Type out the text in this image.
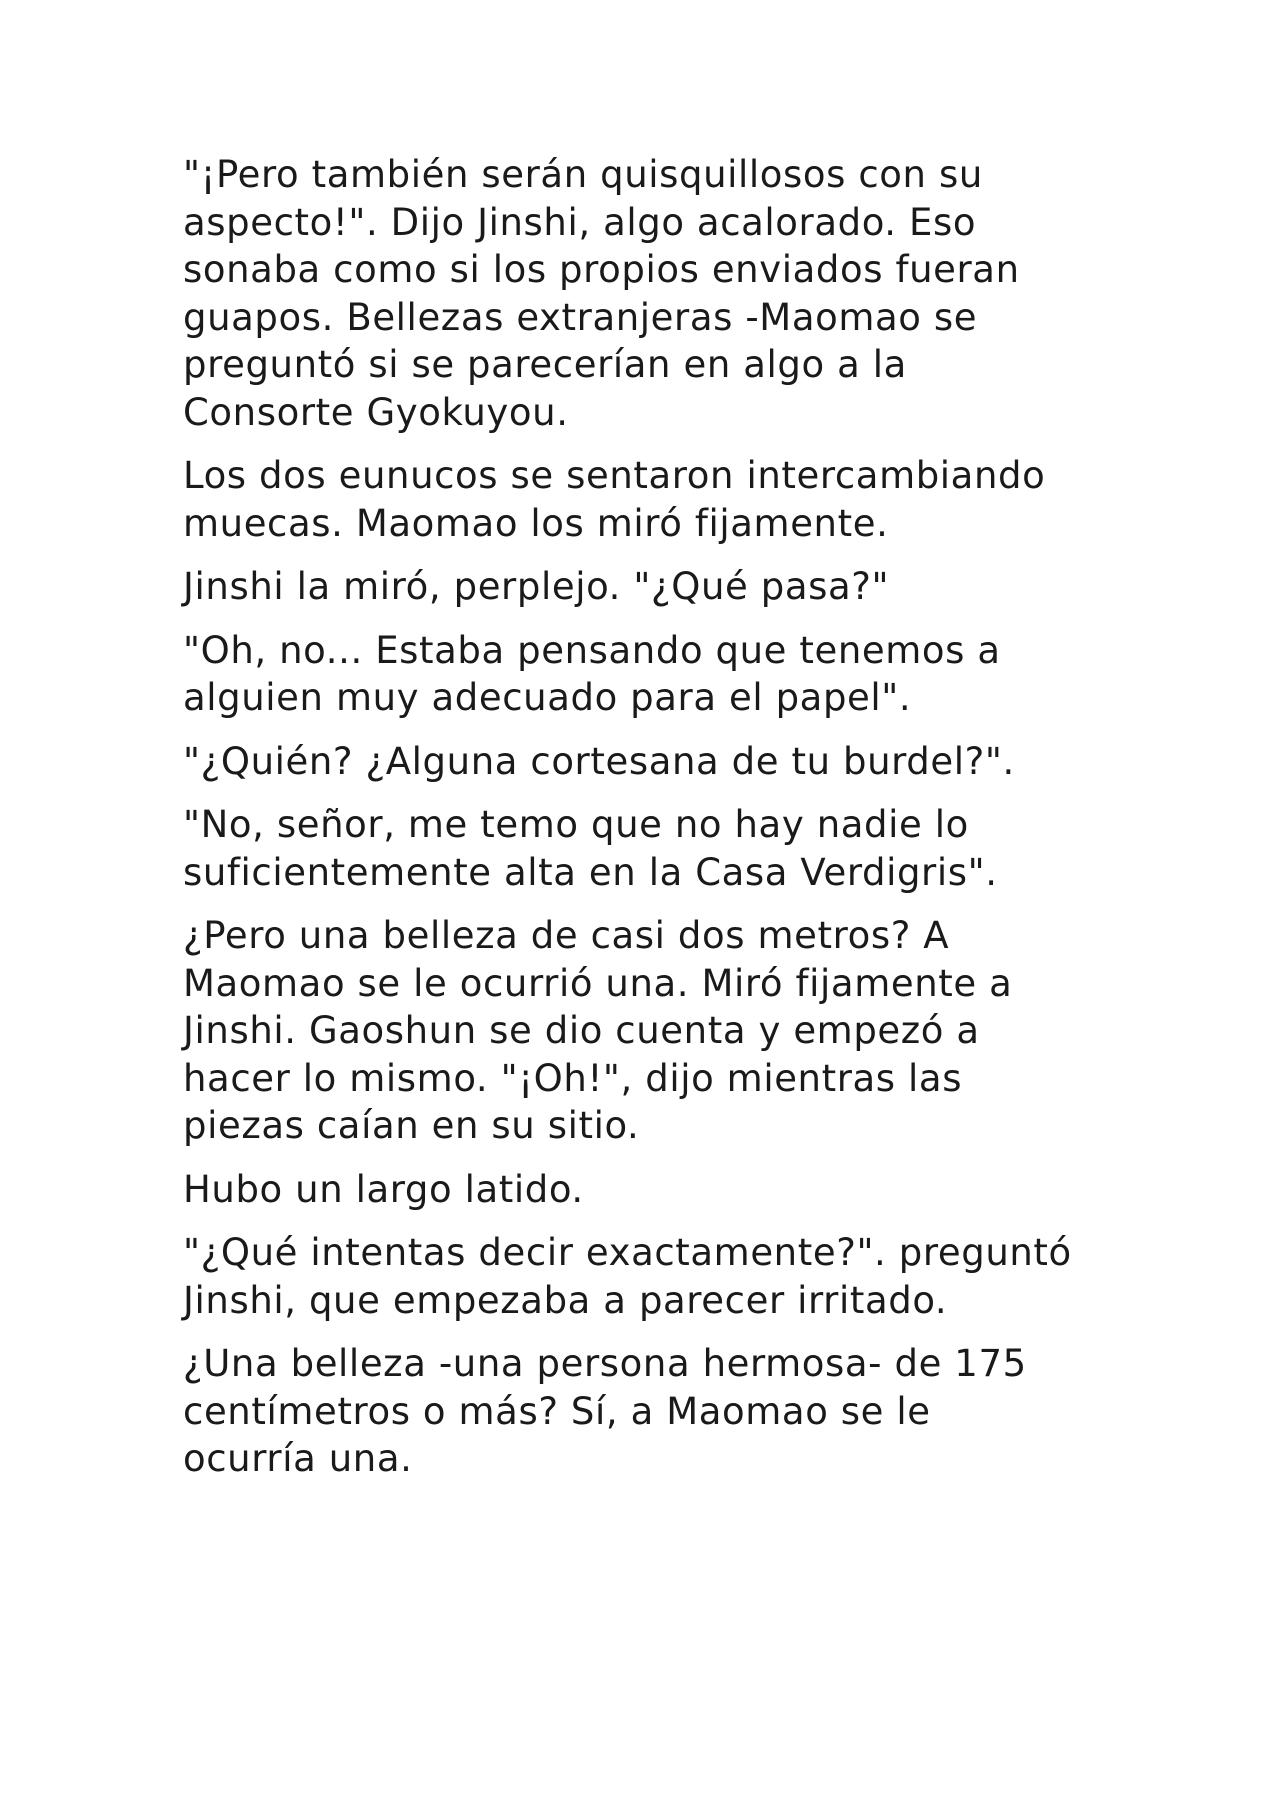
"¡Pero también serán quisquillosos con su
aspecto!". Dijo Jinshi, algo acalorado. Eso
sonaba como si los propios enviados fueran
guapos. Bellezas extranjeras -Maomao se
preguntó si se parecerían en algo a la
Consorte Gyokuyou.

Los dos eunucos se sentaron intercambiando
muecas. Maomao los miró fijamente.

Jinshi la miró, perplejo. "¿Qué pasa?"

"Oh, no... Estaba pensando que tenemos a
alguien muy adecuado para el papel".

"¿Quién? ¿Alguna cortesana de tu burdel?".

"No, señor, me temo que no hay nadie lo
suficientemente alta en la Casa Verdigris".

¿Pero una belleza de casi dos metros? A
Maomao se le ocurrió una. Miró fijamente a
Jinshi. Gaoshun se dio cuenta y empezó a
hacer lo mismo. "¡Oh!", dijo mientras las
piezas caían en su sitio.

Hubo un largo latido.

"¿Qué intentas decir exactamente?". preguntó
Jinshi, que empezaba a parecer irritado.

¿Una belleza -una persona hermosa- de 175
centímetros o más? Sí, a Maomao se le
ocurría una.
